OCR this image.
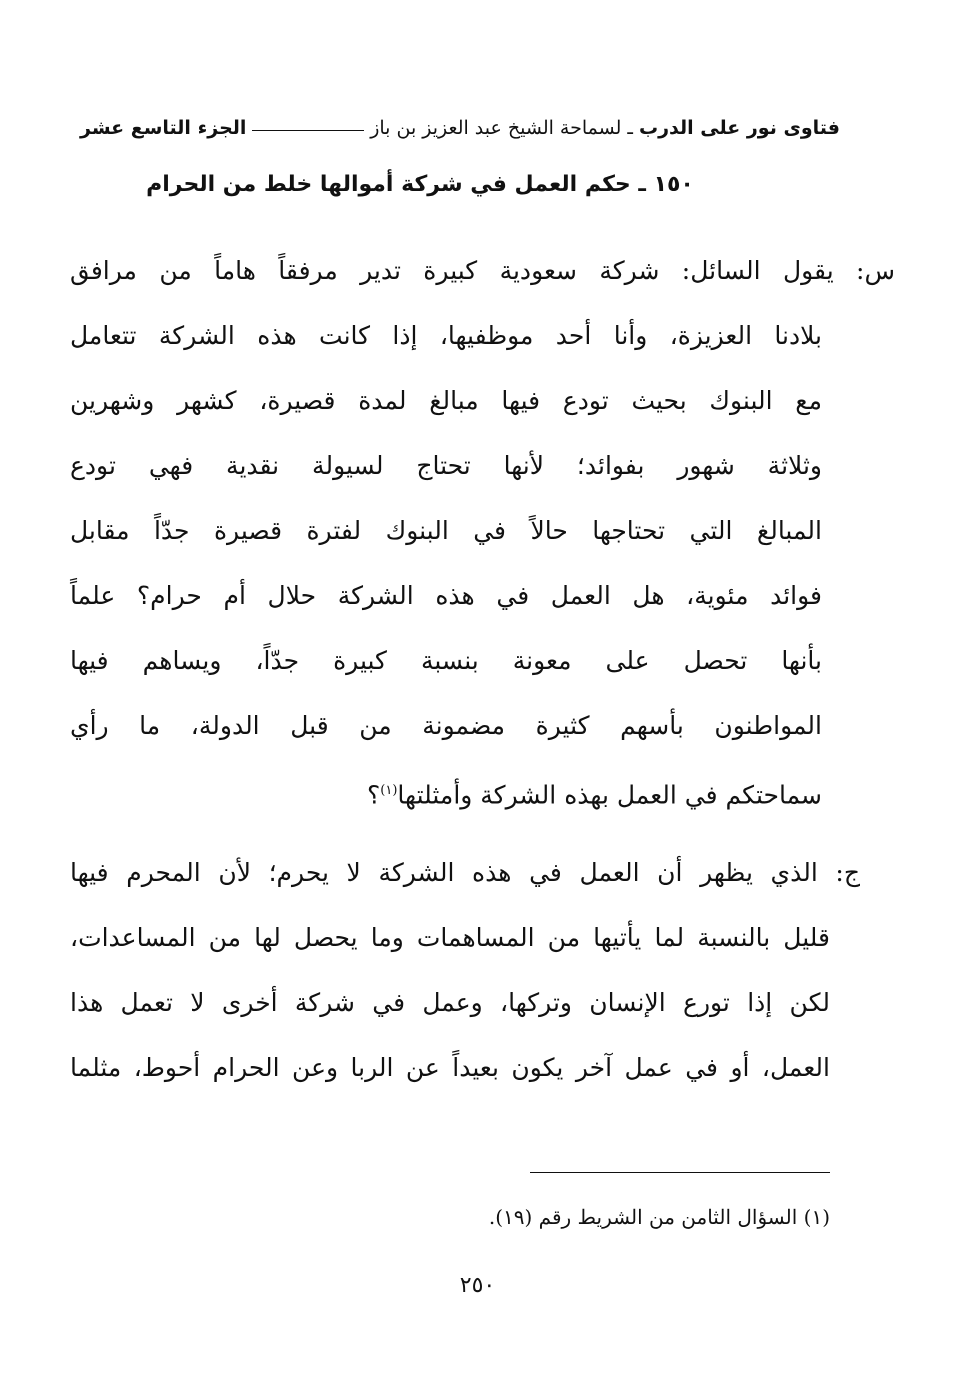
فتاوى نور على الدرب
ـ لسماحة الشيخ عبد العزيز بن باز
الجزء التاسع عشر
١٥٠ ـ حكم العمل في شركة أموالها خلط من الحرام
س: يقول السائل: شركة سعودية كبيرة تدير مرفقاً هاماً من مرافق
بلادنا العزيزة، وأنا أحد موظفيها، إذا كانت هذه الشركة تتعامل
مع البنوك بحيث تودع فيها مبالغ لمدة قصيرة، كشهر وشهرين
وثلاثة شهور بفوائد؛ لأنها تحتاج لسيولة نقدية فهي تودع
المبالغ التي تحتاجها حالاً في البنوك لفترة قصيرة جدّاً مقابل
فوائد مئوية، هل العمل في هذه الشركة حلال أم حرام؟ علماً
بأنها تحصل على معونة بنسبة كبيرة جدّاً، ويساهم فيها
المواطنون بأسهم كثيرة مضمونة من قبل الدولة، ما رأي
سماحتكم في العمل بهذه الشركة وأمثلتها$^{(١)}$؟
ج: الذي يظهر أن العمل في هذه الشركة لا يحرم؛ لأن المحرم فيها
قليل بالنسبة لما يأتيها من المساهمات وما يحصل لها من المساعدات،
لكن إذا تورع الإنسان وتركها، وعمل في شركة أخرى لا تعمل هذا
العمل، أو في عمل آخر يكون بعيداً عن الربا وعن الحرام أحوط، مثلما
(١) السؤال الثامن من الشريط رقم (١٩).
٢٥٠
